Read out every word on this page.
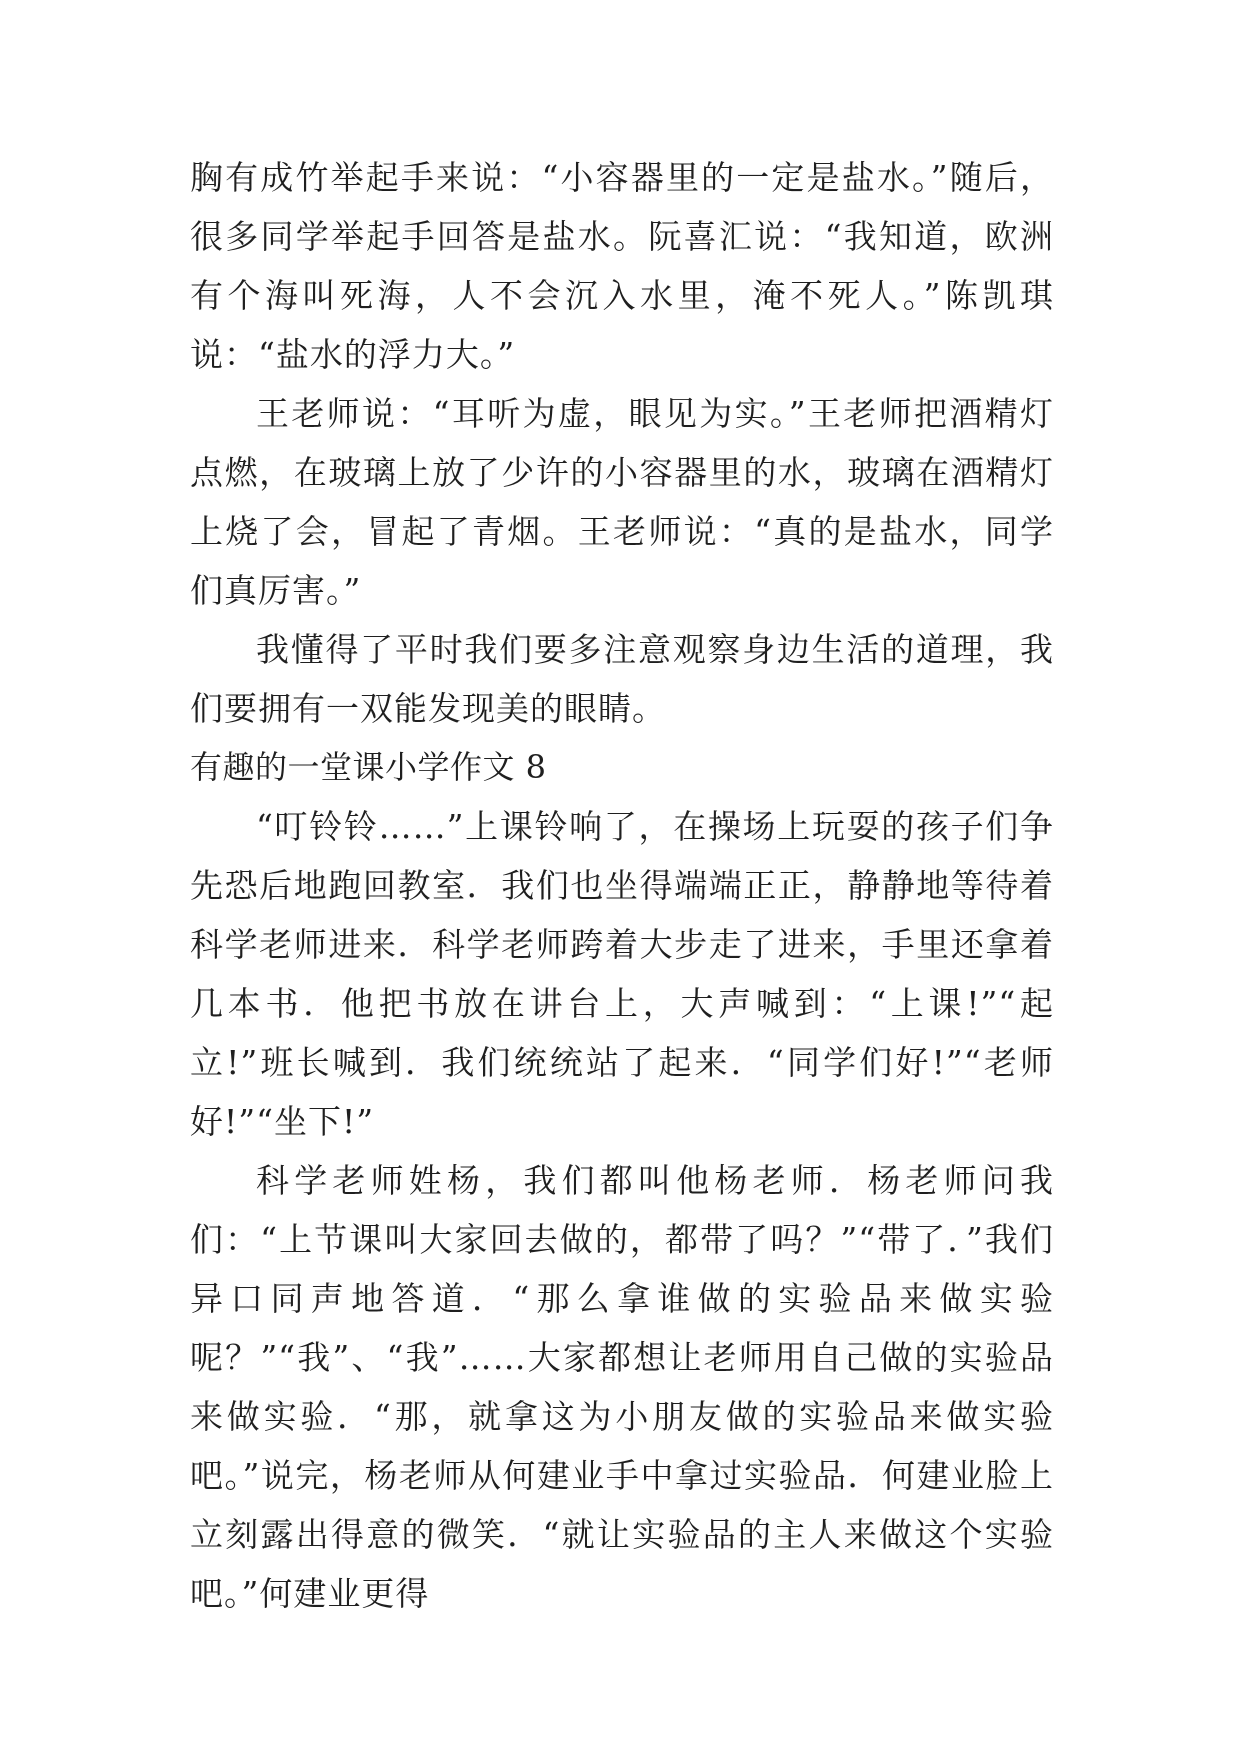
胸有成竹举起手来说：“小容器里的一定是盐水。”随后，很多同学举起手回答是盐水。阮喜汇说：“我知道，欧洲有个海叫死海，人不会沉入水里，淹不死人。”陈凯琪说：“盐水的浮力大。”

王老师说：“耳听为虚，眼见为实。”王老师把酒精灯点燃，在玻璃上放了少许的小容器里的水，玻璃在酒精灯上烧了会，冒起了青烟。王老师说：“真的是盐水，同学们真厉害。”

我懂得了平时我们要多注意观察身边生活的道理，我们要拥有一双能发现美的眼睛。

有趣的一堂课小学作文 8

“叮铃铃……”上课铃响了，在操场上玩耍的孩子们争先恐后地跑回教室．我们也坐得端端正正，静静地等待着科学老师进来．科学老师跨着大步走了进来，手里还拿着几本书．他把书放在讲台上，大声喊到：“上课!”“起立!”班长喊到．我们统统站了起来．“同学们好!”“老师好!”“坐下!”

科学老师姓杨，我们都叫他杨老师．杨老师问我们：“上节课叫大家回去做的，都带了吗？”“带了．”我们异口同声地答道．“那么拿谁做的实验品来做实验呢？”“我”、“我”……大家都想让老师用自己做的实验品来做实验．“那，就拿这为小朋友做的实验品来做实验吧。”说完，杨老师从何建业手中拿过实验品．何建业脸上立刻露出得意的微笑．“就让实验品的主人来做这个实验吧。”何建业更得
